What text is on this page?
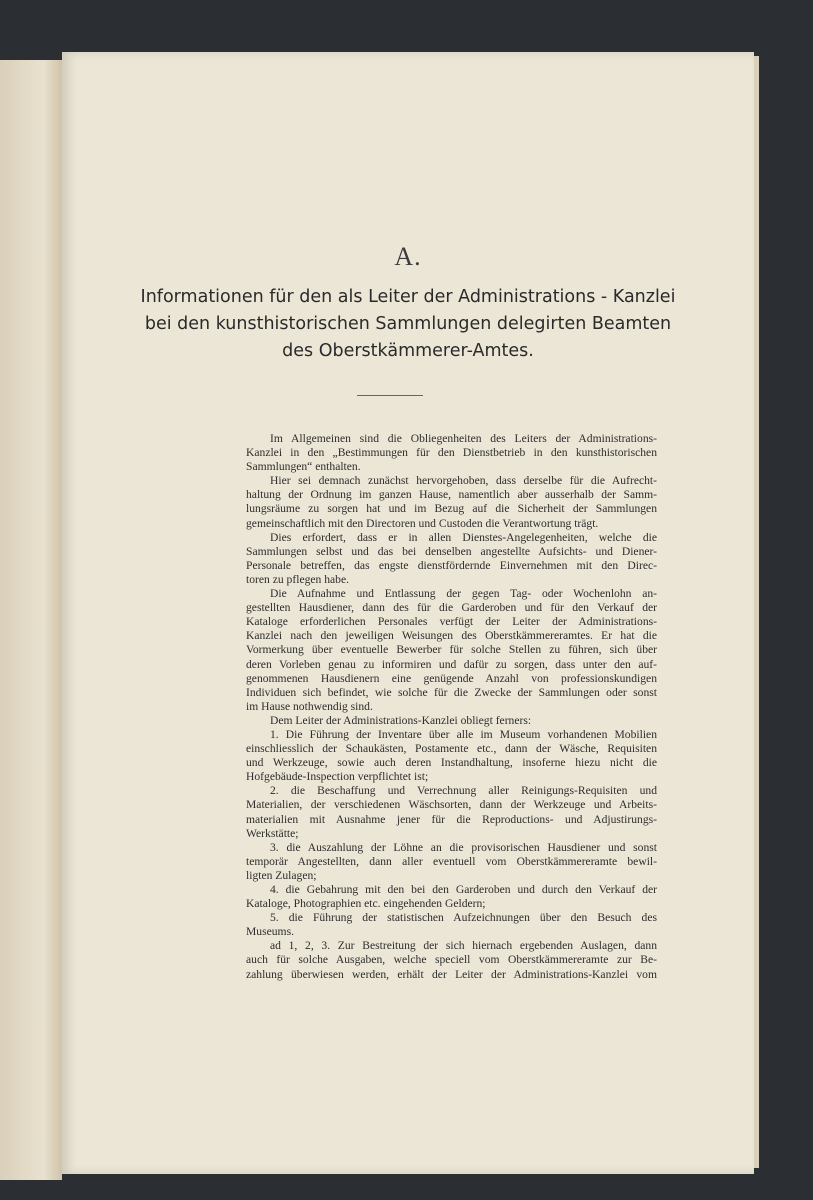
A.
Informationen für den als Leiter der Administrations - Kanzlei
bei den kunsthistorischen Sammlungen delegirten Beamten
des Oberstkämmerer-Amtes.

Im Allgemeinen sind die Obliegenheiten des Leiters der Administrations-
Kanzlei in den „Bestimmungen für den Dienstbetrieb in den kunsthistorischen
Sammlungen“ enthalten.

Hier sei demnach zunächst hervorgehoben, dass derselbe für die Aufrecht-
haltung der Ordnung im ganzen Hause, namentlich aber ausserhalb der Samm-
lungsräume zu sorgen hat und im Bezug auf die Sicherheit der Sammlungen
gemeinschaftlich mit den Directoren und Custoden die Verantwortung trägt.

Dies erfordert, dass er in allen Dienstes-Angelegenheiten, welche die
Sammlungen selbst und das bei denselben angestellte Aufsichts- und Diener-
Personale betreffen, das engste dienstfördernde Einvernehmen mit den Direc-
toren zu pflegen habe.

Die Aufnahme und Entlassung der gegen Tag- oder Wochenlohn an-
gestellten Hausdiener, dann des für die Garderoben und für den Verkauf der
Kataloge erforderlichen Personales verfügt der Leiter der Administrations-
Kanzlei nach den jeweiligen Weisungen des Oberstkämmereramtes. Er hat die
Vormerkung über eventuelle Bewerber für solche Stellen zu führen, sich über
deren Vorleben genau zu informiren und dafür zu sorgen, dass unter den auf-
genommenen Hausdienern eine genügende Anzahl von professionskundigen
Individuen sich befindet, wie solche für die Zwecke der Sammlungen oder sonst
im Hause nothwendig sind.

Dem Leiter der Administrations-Kanzlei obliegt ferners:

1. Die Führung der Inventare über alle im Museum vorhandenen Mobilien
einschliesslich der Schaukästen, Postamente etc., dann der Wäsche, Requisiten
und Werkzeuge, sowie auch deren Instandhaltung, insoferne hiezu nicht die
Hofgebäude-Inspection verpflichtet ist;

2. die Beschaffung und Verrechnung aller Reinigungs-Requisiten und
Materialien, der verschiedenen Wäschsorten, dann der Werkzeuge und Arbeits-
materialien mit Ausnahme jener für die Reproductions- und Adjustirungs-
Werkstätte;

3. die Auszahlung der Löhne an die provisorischen Hausdiener und sonst
temporär Angestellten, dann aller eventuell vom Oberstkämmereramte bewil-
ligten Zulagen;

4. die Gebahrung mit den bei den Garderoben und durch den Verkauf der
Kataloge, Photographien etc. eingehenden Geldern;

5. die Führung der statistischen Aufzeichnungen über den Besuch des
Museums.

ad 1, 2, 3. Zur Bestreitung der sich hiernach ergebenden Auslagen, dann
auch für solche Ausgaben, welche speciell vom Oberstkämmereramte zur Be-
zahlung überwiesen werden, erhält der Leiter der Administrations-Kanzlei vom
